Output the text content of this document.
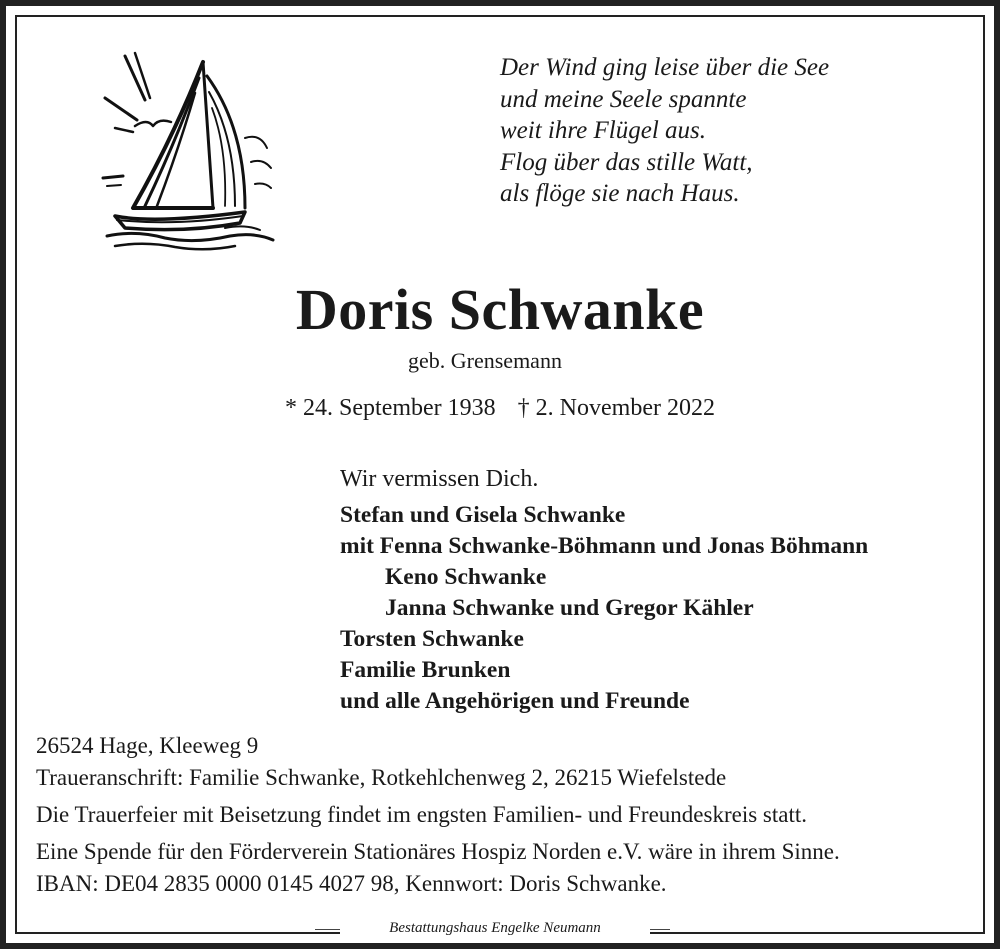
Der Wind ging leise über die See
und meine Seele spannte
weit ihre Flügel aus.
Flog über das stille Watt,
als flöge sie nach Haus.
Doris Schwanke
geb. Grensemann
* 24. September 1938 † 2. November 2022
Wir vermissen Dich.
Stefan und Gisela Schwanke
mit Fenna Schwanke-Böhmann und Jonas Böhmann
Keno Schwanke
Janna Schwanke und Gregor Kähler
Torsten Schwanke
Familie Brunken
und alle Angehörigen und Freunde
26524 Hage, Kleeweg 9
Traueranschrift: Familie Schwanke, Rotkehlchenweg 2, 26215 Wiefelstede
Die Trauerfeier mit Beisetzung findet im engsten Familien- und Freundeskreis statt.
Eine Spende für den Förderverein Stationäres Hospiz Norden e.V. wäre in ihrem Sinne.
IBAN: DE04 2835 0000 0145 4027 98, Kennwort: Doris Schwanke.
Bestattungshaus Engelke Neumann
